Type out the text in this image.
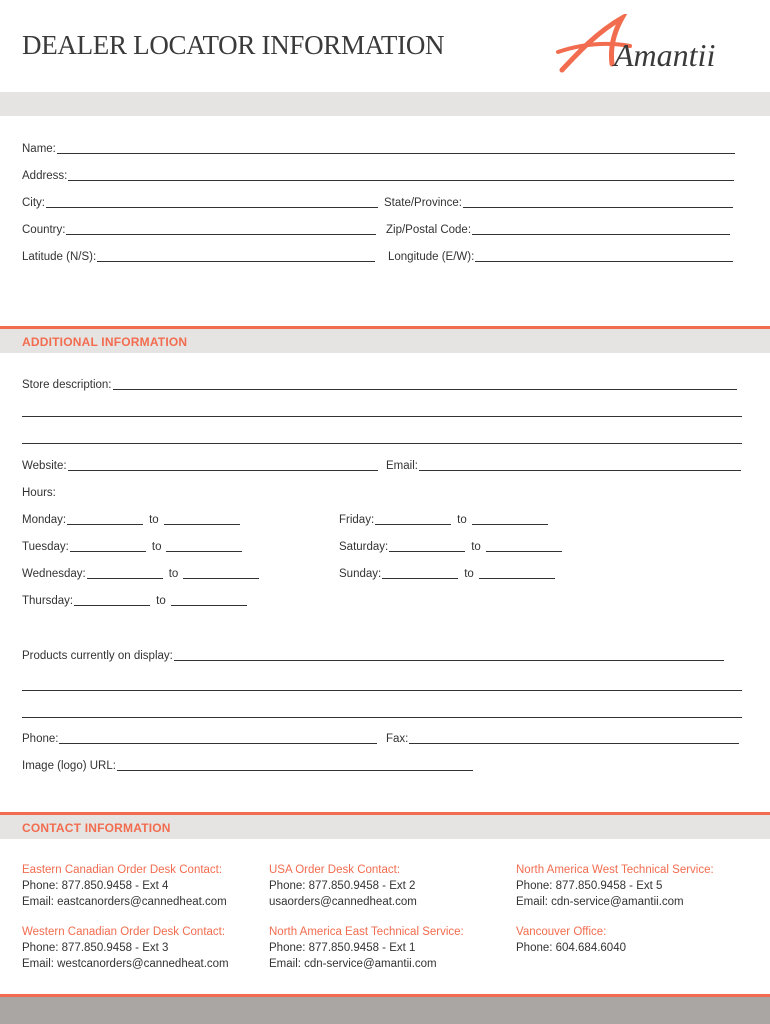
DEALER LOCATOR INFORMATION	Amantii
Name:
Address:
City:	State/Province:
Country:	Zip/Postal Code:
Latitude (N/S):	Longitude (E/W):
ADDITIONAL INFORMATION
Store description:
Website:	Email:
Hours:
Monday:	to
Tuesday:	to
Wednesday:	to
Thursday:	to
Friday:	to
Saturday:	to
Sunday:	to
Products currently on display:
Phone:	Fax:
Image (logo) URL:
CONTACT INFORMATION
Eastern Canadian Order Desk Contact:
Phone: 877.850.9458 - Ext 4
Email: eastcanorders@cannedheat.com
USA Order Desk Contact:
Phone: 877.850.9458 - Ext 2
usaorders@cannedheat.com
North America West Technical Service:
Phone: 877.850.9458 - Ext 5
Email: cdn-service@amantii.com
Western Canadian Order Desk Contact:
Phone: 877.850.9458 - Ext 3
Email: westcanorders@cannedheat.com
North America East Technical Service:
Phone: 877.850.9458 - Ext 1
Email: cdn-service@amantii.com
Vancouver Office:
Phone: 604.684.6040
